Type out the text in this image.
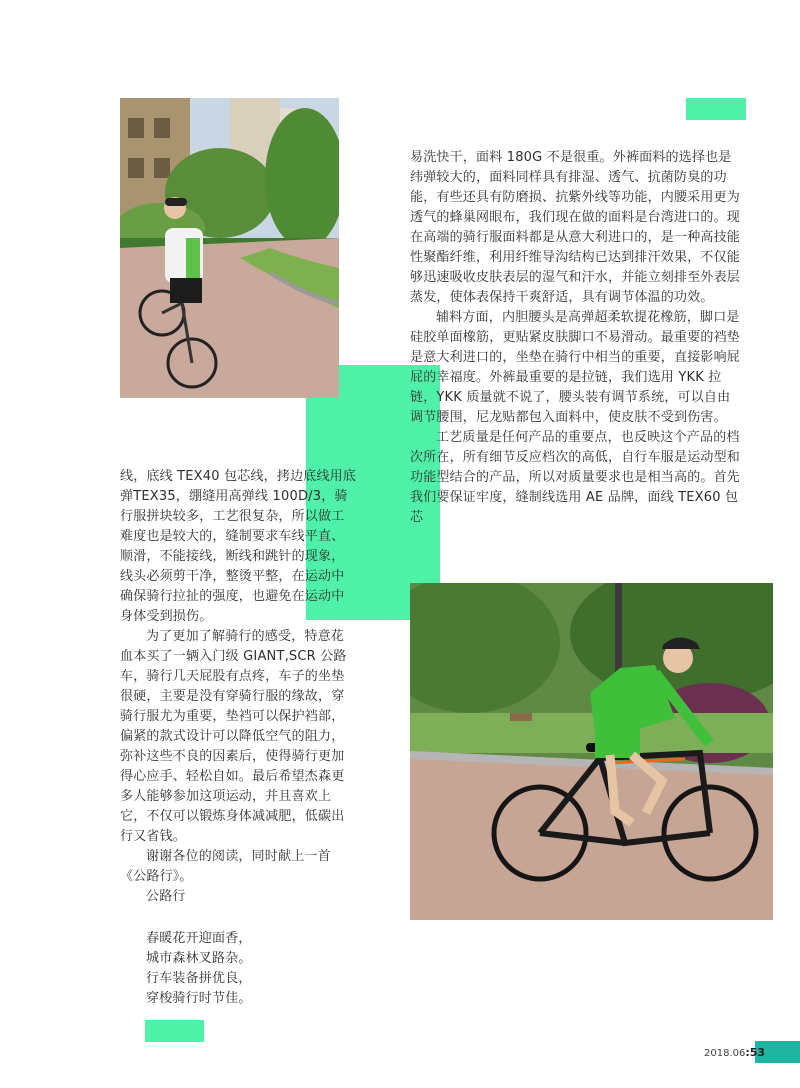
易洗快干，面料 180G 不是很重。外裤面料的选择也是纬弹较大的，面料同样具有排湿、透气、抗菌防臭的功能，有些还具有防磨损、抗紫外线等功能，内腰采用更为透气的蜂巢网眼布，我们现在做的面料是台湾进口的。现在高端的骑行服面料都是从意大利进口的，是一种高技能性聚酯纤维，利用纤维导沟结构已达到排汗效果，不仅能够迅速吸收皮肤表层的湿气和汗水，并能立刻排至外表层蒸发，使体表保持干爽舒适，具有调节体温的功效。

辅料方面，内胆腰头是高弹超柔软提花橡筋，脚口是硅胶单面橡筋，更贴紧皮肤脚口不易滑动。最重要的裆垫是意大利进口的，坐垫在骑行中相当的重要，直接影响屁屁的幸福度。外裤最重要的是拉链，我们选用 YKK 拉链，YKK 质量就不说了，腰头装有调节系统，可以自由调节腰围，尼龙贴都包入面料中，使皮肤不受到伤害。

工艺质量是任何产品的重要点，也反映这个产品的档次所在，所有细节反应档次的高低，自行车服是运动型和功能型结合的产品，所以对质量要求也是相当高的。首先我们要保证牢度，缝制线选用 AE 品牌，面线 TEX60 包芯

线，底线 TEX40 包芯线，拷边底线用底弹TEX35，绷缝用高弹线 100D/3，骑行服拼块较多，工艺很复杂，所以做工难度也是较大的，缝制要求车线平直、顺滑，不能接线，断线和跳针的现象，线头必须剪干净，整烫平整，在运动中确保骑行拉扯的强度，也避免在运动中身体受到损伤。

为了更加了解骑行的感受，特意花血本买了一辆入门级 GIANT,SCR 公路车，骑行几天屁股有点疼，车子的坐垫很硬，主要是没有穿骑行服的缘故，穿骑行服尤为重要，垫裆可以保护裆部，偏紧的款式设计可以降低空气的阻力，弥补这些不良的因素后，使得骑行更加得心应手、轻松自如。最后希望杰森更多人能够参加这项运动，并且喜欢上它，不仅可以锻炼身体减减肥，低碳出行又省钱。

谢谢各位的阅读，同时献上一首《公路行》。

公路行

春暖花开迎面香，

城市森林叉路杂。

行车装备拼优良，

穿梭骑行时节佳。

2018.06:53
